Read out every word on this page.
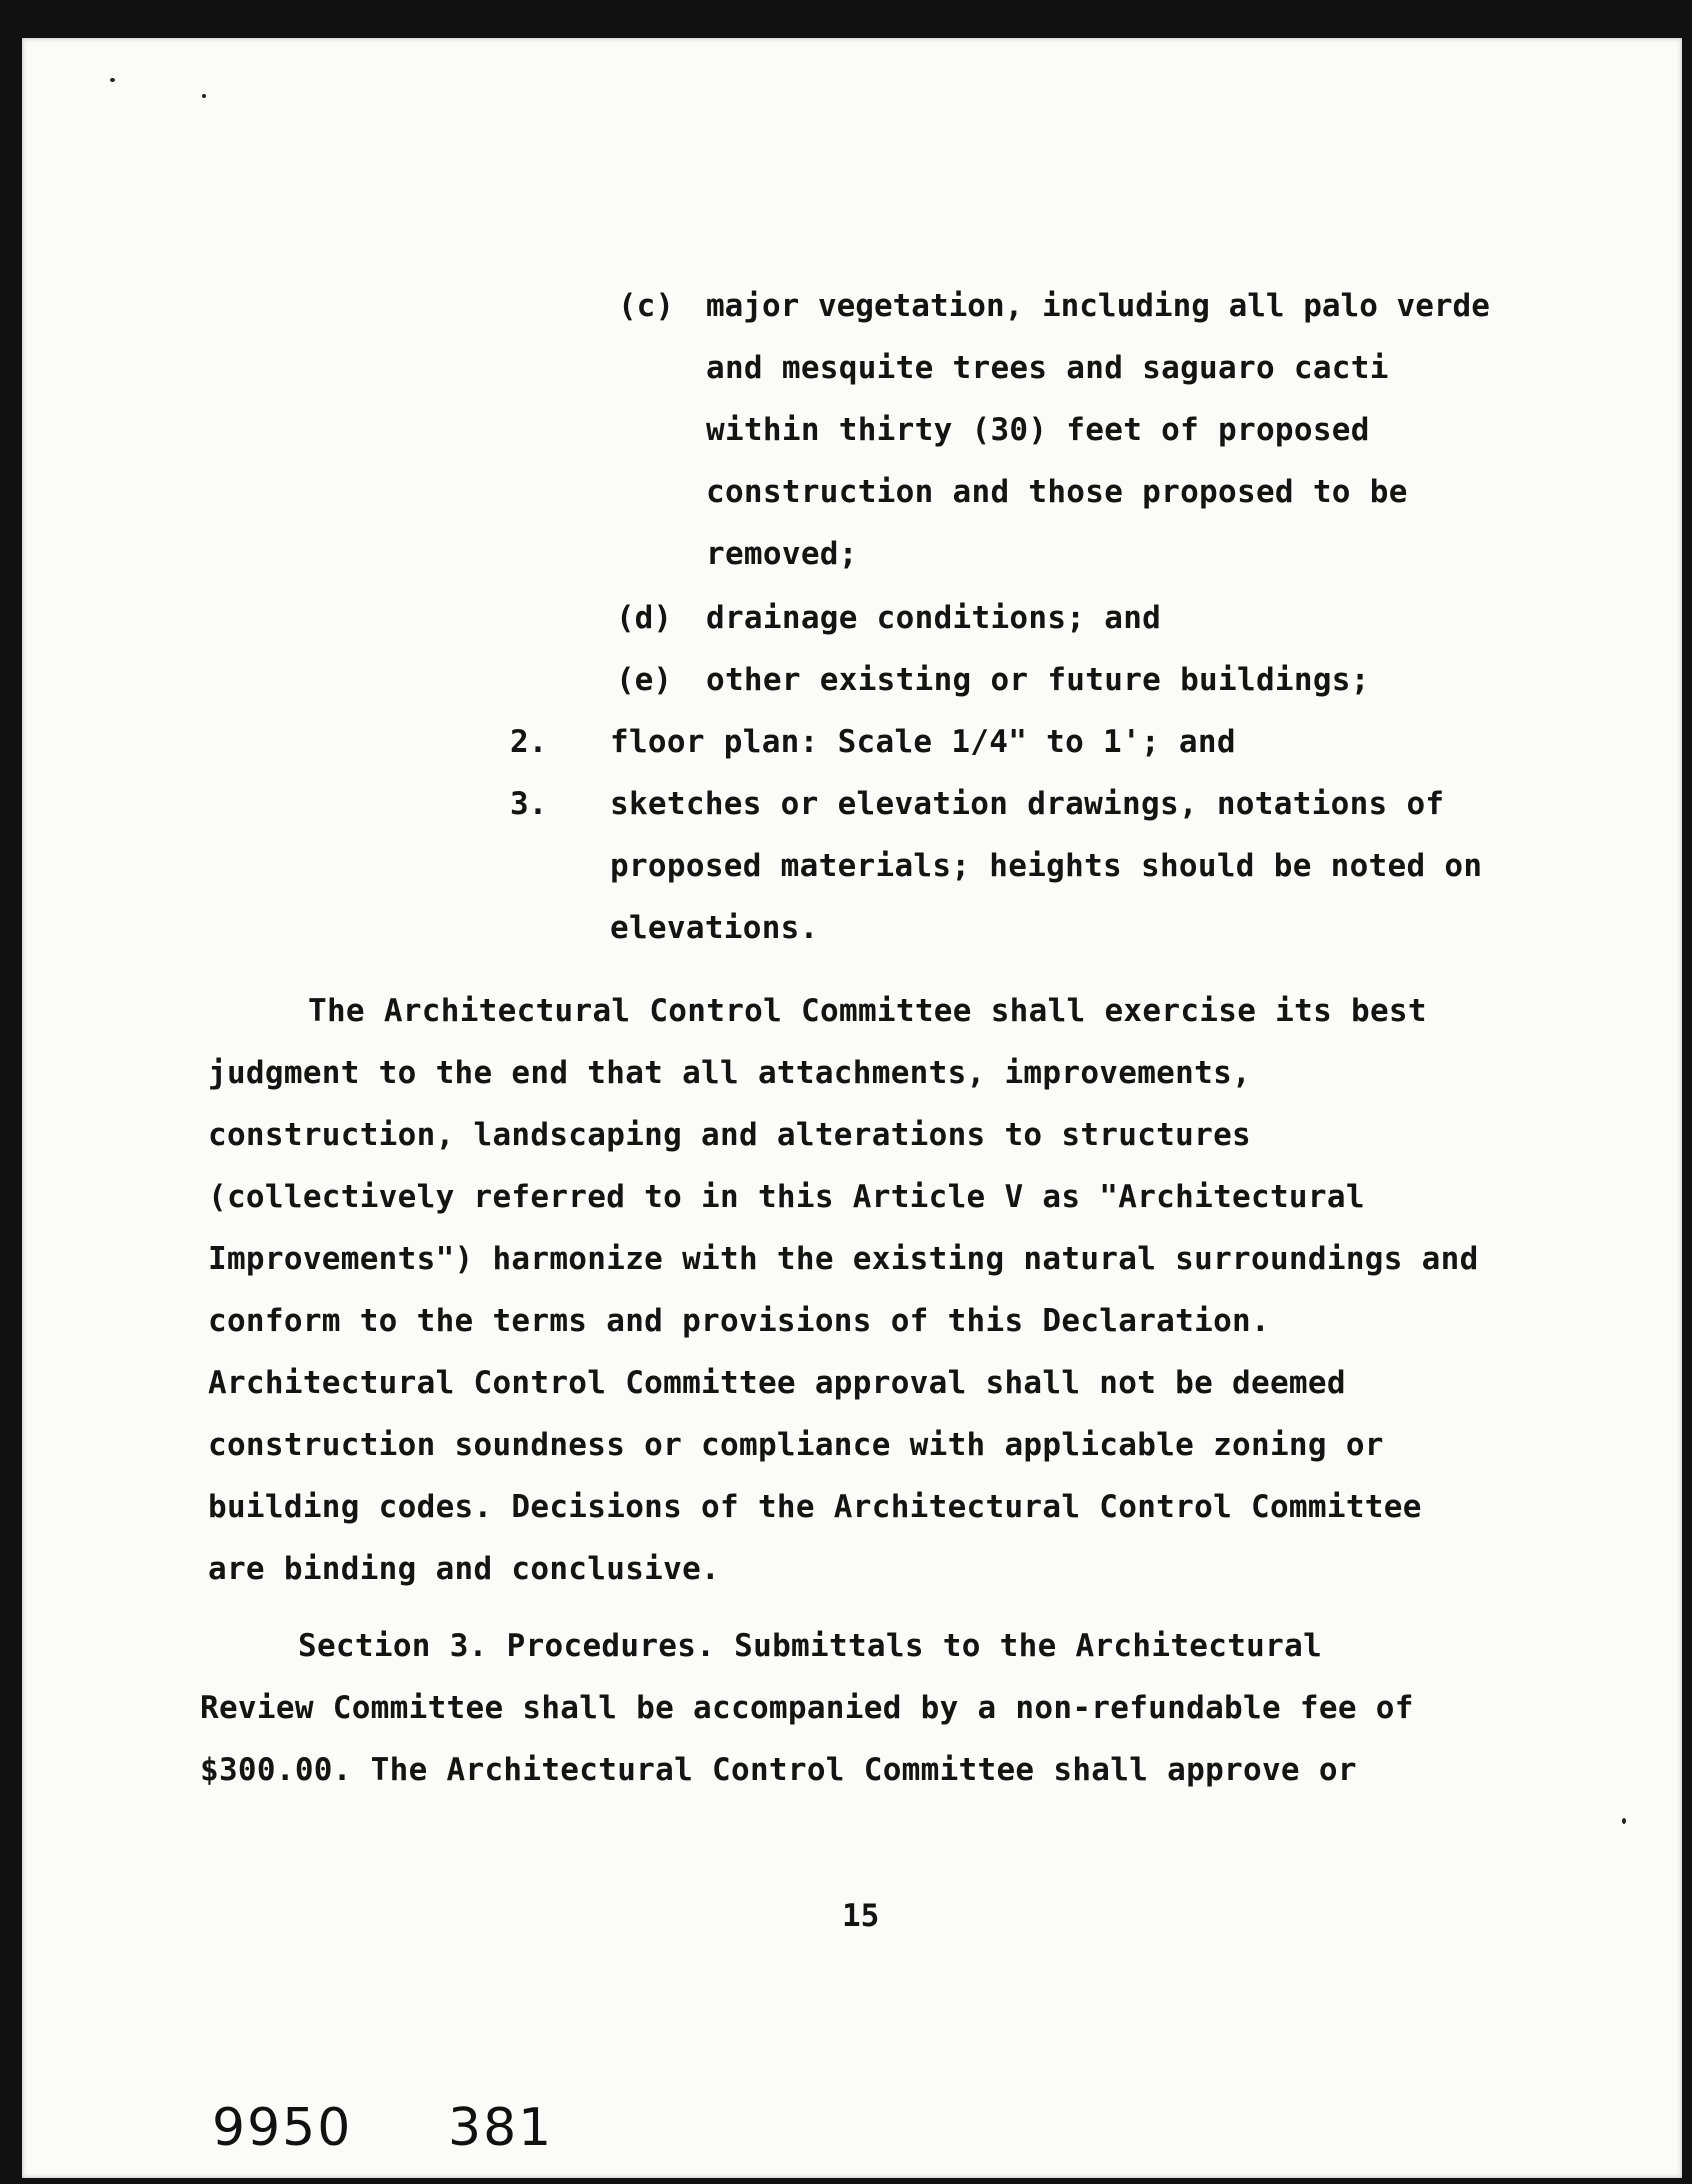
(c) major vegetation, including all palo verde
and mesquite trees and saguaro cacti
within thirty (30) feet of proposed
construction and those proposed to be
removed;
(d) drainage conditions; and
(e) other existing or future buildings;
2. floor plan: Scale 1/4" to 1'; and
3. sketches or elevation drawings, notations of
proposed materials; heights should be noted on
elevations.
The Architectural Control Committee shall exercise its best
judgment to the end that all attachments, improvements,
construction, landscaping and alterations to structures
(collectively referred to in this Article V as "Architectural
Improvements") harmonize with the existing natural surroundings and
conform to the terms and provisions of this Declaration.
Architectural Control Committee approval shall not be deemed
construction soundness or compliance with applicable zoning or
building codes. Decisions of the Architectural Control Committee
are binding and conclusive.
Section 3. Procedures. Submittals to the Architectural
Review Committee shall be accompanied by a non-refundable fee of
$300.00. The Architectural Control Committee shall approve or
15
9950 381
